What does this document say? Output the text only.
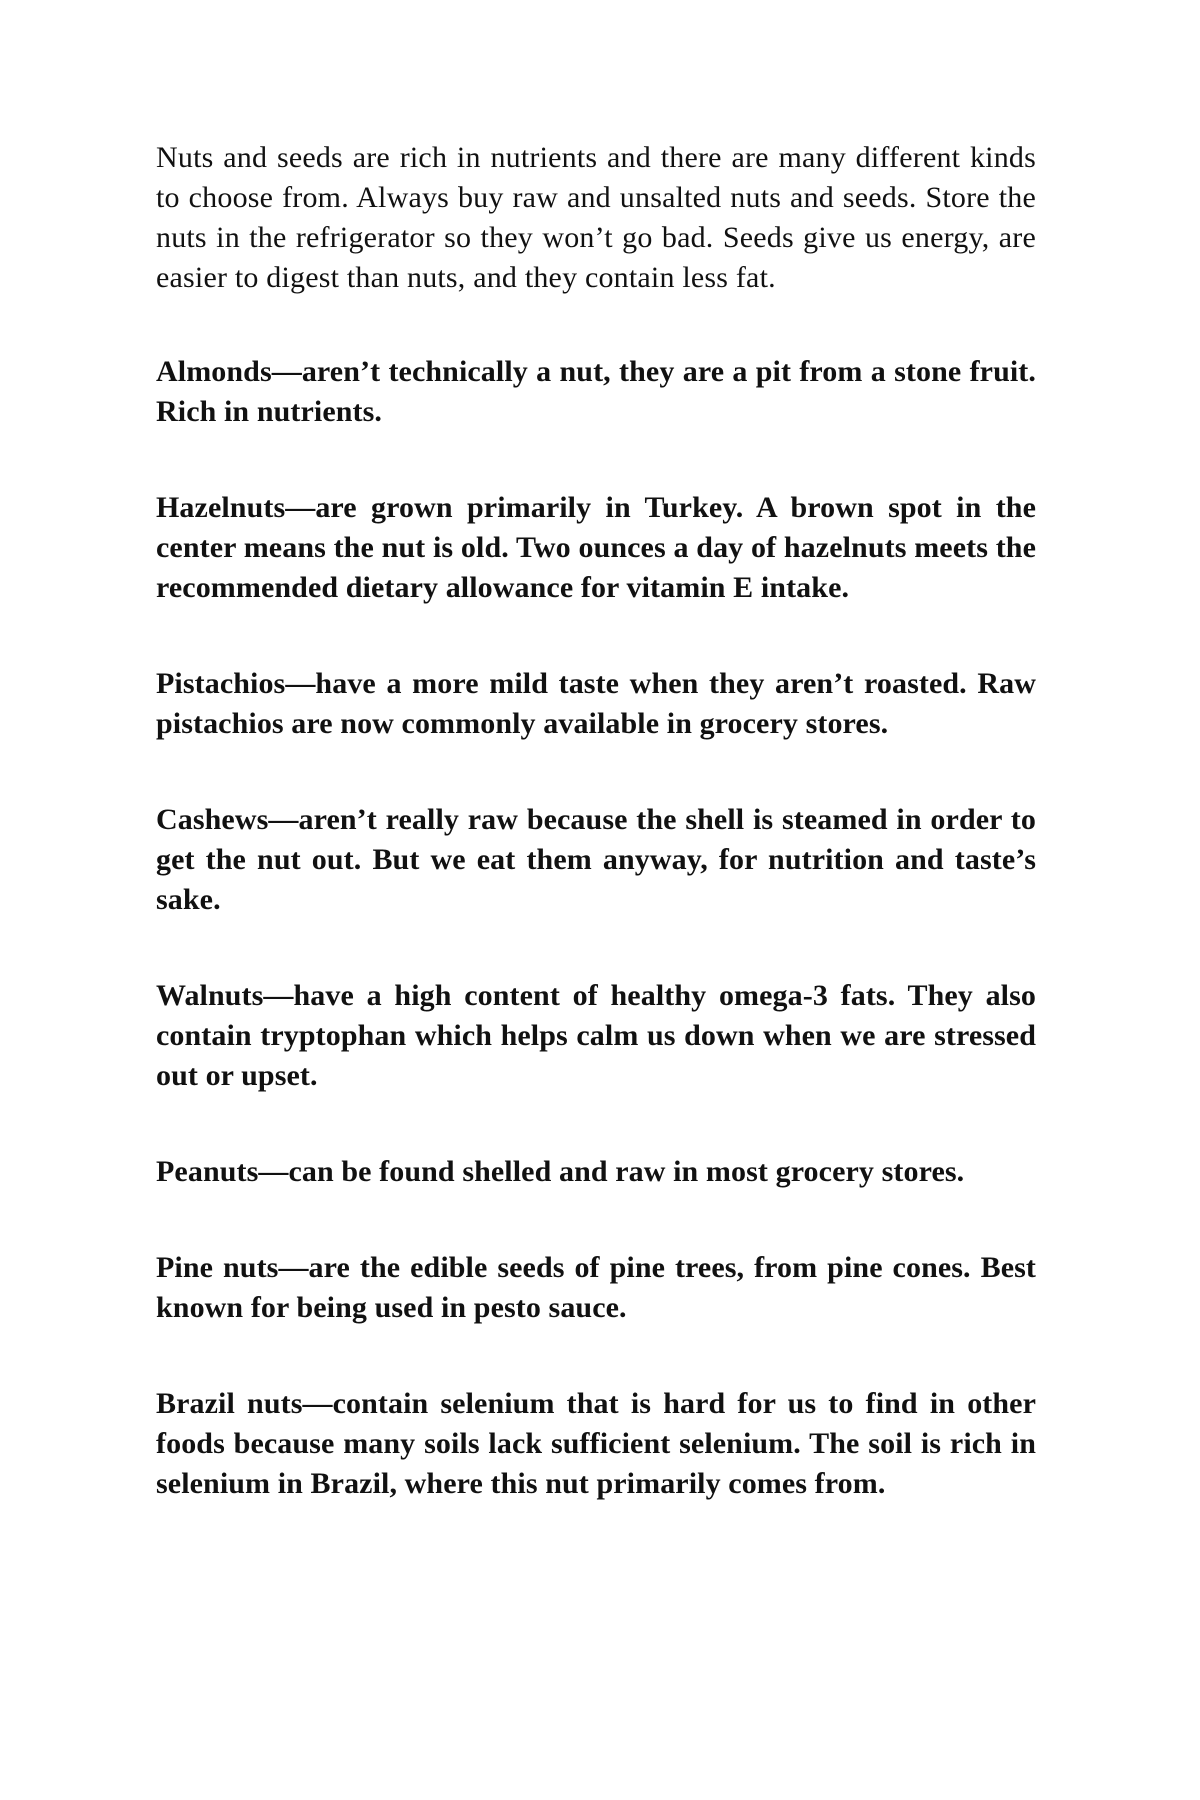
Nuts and seeds are rich in nutrients and there are many different kinds to choose from. Always buy raw and unsalted nuts and seeds. Store the nuts in the refrigerator so they won’t go bad. Seeds give us energy, are easier to digest than nuts, and they contain less fat.

Almonds—aren’t technically a nut, they are a pit from a stone fruit. Rich in nutrients.

Hazelnuts—are grown primarily in Turkey. A brown spot in the center means the nut is old. Two ounces a day of hazelnuts meets the recommended dietary allowance for vitamin E intake.

Pistachios—have a more mild taste when they aren’t roasted. Raw pistachios are now commonly available in grocery stores.

Cashews—aren’t really raw because the shell is steamed in order to get the nut out. But we eat them anyway, for nutrition and taste’s sake.

Walnuts—have a high content of healthy omega-3 fats. They also contain tryptophan which helps calm us down when we are stressed out or upset.

Peanuts—can be found shelled and raw in most grocery stores.

Pine nuts—are the edible seeds of pine trees, from pine cones. Best known for being used in pesto sauce.

Brazil nuts—contain selenium that is hard for us to find in other foods because many soils lack sufficient selenium. The soil is rich in selenium in Brazil, where this nut primarily comes from.
